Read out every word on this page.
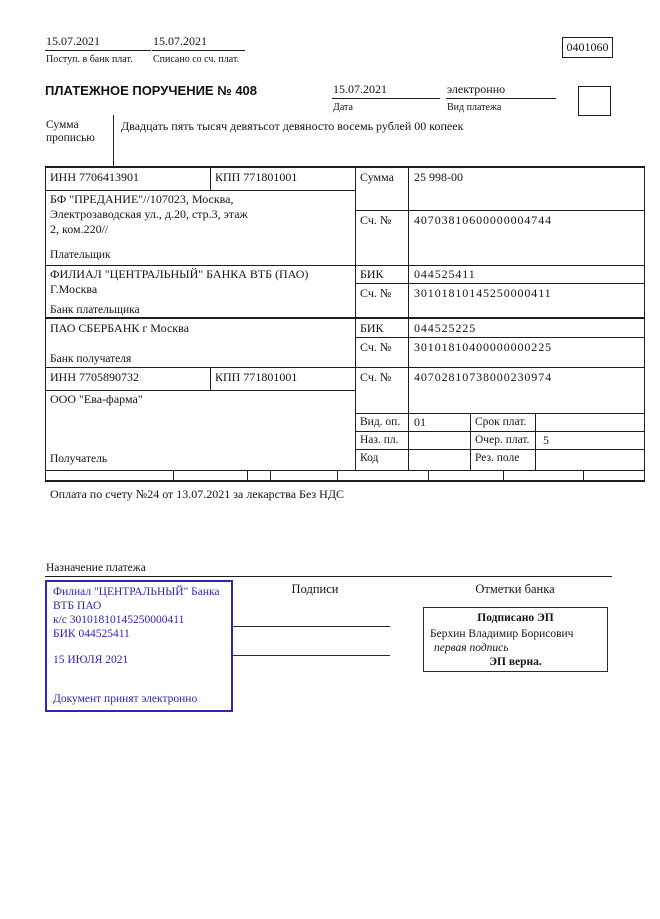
15.07.2021
Поступ. в банк плат.
15.07.2021
Списано со сч. плат.
0401060
ПЛАТЕЖНОЕ ПОРУЧЕНИЕ № 408	15.07.2021
Дата
электронно
Вид платежа
Сумма прописью
Двадцать пять тысяч девятьсот девяносто восемь рублей 00 копеек
ИНН 7706413901	КПП 771801001	Сумма 25 998-00
БФ "ПРЕДАНИЕ"//107023, Москва,
Электрозаводская ул., д.20, стр.3, этаж
2, ком.220//
Сч. № 40703810600000004744
Плательщик
ФИЛИАЛ "ЦЕНТРАЛЬНЫЙ" БАНКА ВТБ (ПАО)
Г.Москва
БИК	044525411
Сч. № 30101810145250000411
Банк плательщика
ПАО СБЕРБАНК г Москва	БИК	044525225
Сч. № 30101810400000000225
Банк получателя
ИНН 7705890732	КПП 771801001	Сч. № 40702810738000230974
ООО "Ева-фарма"
Получатель
Вид. оп. 01	Срок плат.
Наз. пл.	Очер. плат. 5
Код	Рез. поле
Оплата по счету №24 от 13.07.2021 за лекарства Без НДС
Назначение платежа
Подписи	Отметки банка
Филиал "ЦЕНТРАЛЬНЫЙ" Банка
ВТБ ПАО
к/с 30101810145250000411
БИК 044525411
15 ИЮЛЯ 2021
Документ принят электронно
Подписано ЭП
Берхин Владимир Борисович
первая подпись
ЭП верна.
